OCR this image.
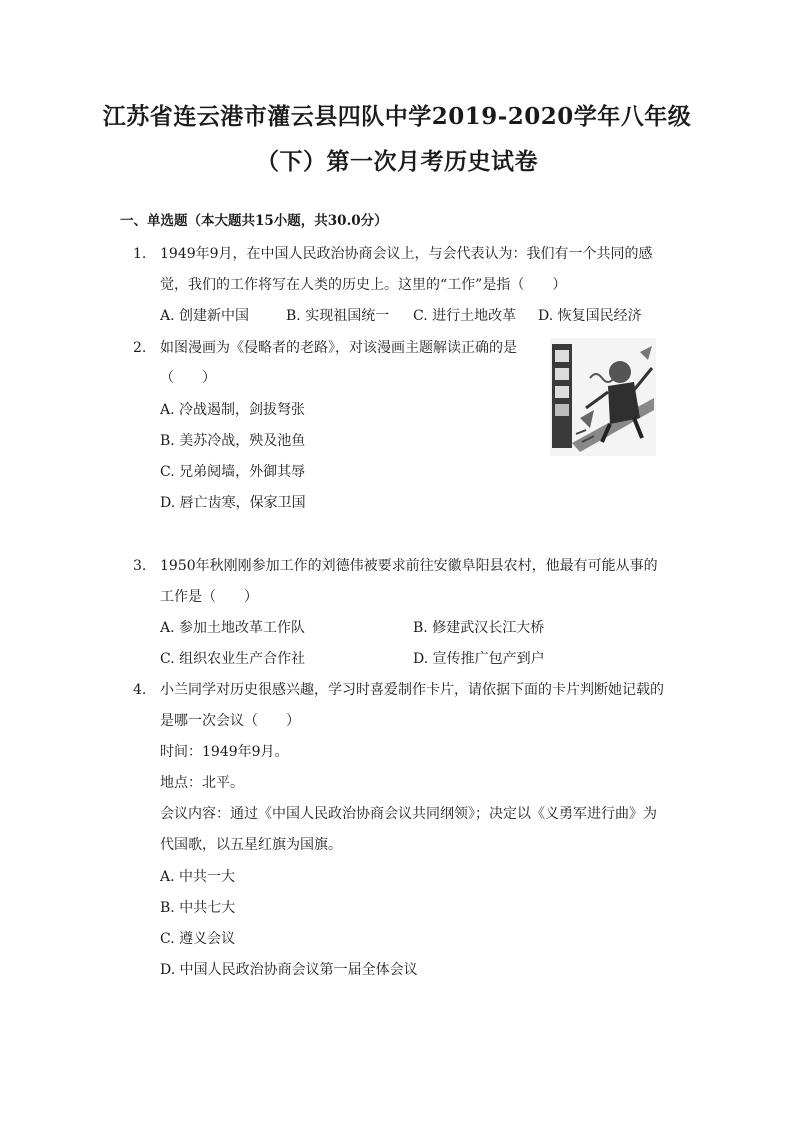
江苏省连云港市灌云县四队中学2019-2020学年八年级
（下）第一次月考历史试卷
一、单选题（本大题共15小题，共30.0分）
1. 1949年9月，在中国人民政治协商会议上，与会代表认为：我们有一个共同的感
觉，我们的工作将写在人类的历史上。这里的“工作”是指（　　）
A. 创建新中国	B. 实现祖国统一 C. 进行土地改革 D. 恢复国民经济
2. 如图漫画为《侵略者的老路》，对该漫画主题解读正确的是
（　　）
A. 冷战遏制，剑拔弩张
B. 美苏冷战，殃及池鱼
C. 兄弟阋墙，外御其辱
D. 唇亡齿寒，保家卫国
3. 1950年秋刚刚参加工作的刘德伟被要求前往安徽阜阳县农村，他最有可能从事的
工作是（　　）
A. 参加土地改革工作队	B. 修建武汉长江大桥
C. 组织农业生产合作社	D. 宣传推广包产到户
4. 小兰同学对历史很感兴趣，学习时喜爱制作卡片，请依据下面的卡片判断她记载的
是哪一次会议（　　）
时间：1949年9月。
地点：北平。
会议内容：通过《中国人民政治协商会议共同纲领》；决定以《义勇军进行曲》为
代国歌，以五星红旗为国旗。
A. 中共一大
B. 中共七大
C. 遵义会议
D. 中国人民政治协商会议第一届全体会议
